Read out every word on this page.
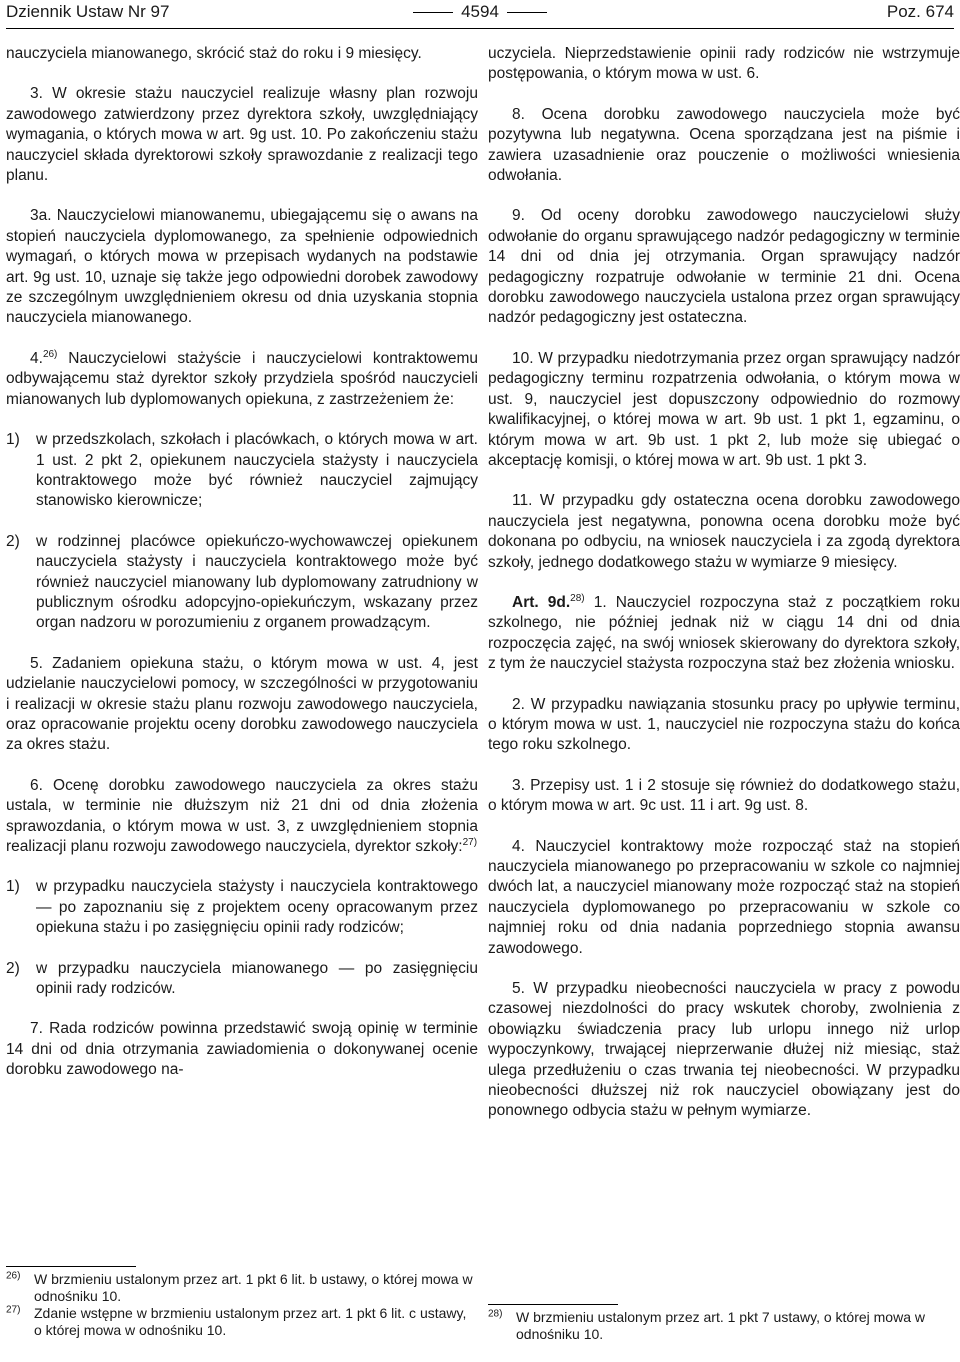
Dziennik Ustaw Nr 97	4594	Poz. 674

nauczyciela mianowanego, skrócić staż do roku i 9 miesięcy.

3. W okresie stażu nauczyciel realizuje własny plan rozwoju zawodowego zatwierdzony przez dyrektora szkoły, uwzględniający wymagania, o których mowa w art. 9g ust. 10. Po zakończeniu stażu nauczyciel składa dyrektorowi szkoły sprawozdanie z realizacji tego planu.

3a. Nauczycielowi mianowanemu, ubiegającemu się o awans na stopień nauczyciela dyplomowanego, za spełnienie odpowiednich wymagań, o których mowa w przepisach wydanych na podstawie art. 9g ust. 10, uznaje się także jego odpowiedni dorobek zawodowy ze szczególnym uwzględnieniem okresu od dnia uzyskania stopnia nauczyciela mianowanego.

4.$^{26)}$ Nauczycielowi stażyście i nauczycielowi kontraktowemu odbywającemu staż dyrektor szkoły przydziela spośród nauczycieli mianowanych lub dyplomowanych opiekuna, z zastrzeżeniem że:

1)	w przedszkolach, szkołach i placówkach, o których mowa w art. 1 ust. 2 pkt 2, opiekunem nauczyciela stażysty i nauczyciela kontraktowego może być również nauczyciel zajmujący stanowisko kierownicze;
2)	w rodzinnej placówce opiekuńczo-wychowawczej opiekunem nauczyciela stażysty i nauczyciela kontraktowego może być również nauczyciel mianowany lub dyplomowany zatrudniony w publicznym ośrodku adopcyjno-opiekuńczym, wskazany przez organ nadzoru w porozumieniu z organem prowadzącym.

5. Zadaniem opiekuna stażu, o którym mowa w ust. 4, jest udzielanie nauczycielowi pomocy, w szczególności w przygotowaniu i realizacji w okresie stażu planu rozwoju zawodowego nauczyciela, oraz opracowanie projektu oceny dorobku zawodowego nauczyciela za okres stażu.

6. Ocenę dorobku zawodowego nauczyciela za okres stażu ustala, w terminie nie dłuższym niż 21 dni od dnia złożenia sprawozdania, o którym mowa w ust. 3, z uwzględnieniem stopnia realizacji planu rozwoju zawodowego nauczyciela, dyrektor szkoły:$^{27)}$

1)	w przypadku nauczyciela stażysty i nauczyciela kontraktowego — po zapoznaniu się z projektem oceny opracowanym przez opiekuna stażu i po zasięgnięciu opinii rady rodziców;
2)	w przypadku nauczyciela mianowanego — po zasięgnięciu opinii rady rodziców.

7. Rada rodziców powinna przedstawić swoją opinię w terminie 14 dni od dnia otrzymania zawiadomienia o dokonywanej ocenie dorobku zawodowego na-

$^{26)}$ W brzmieniu ustalonym przez art. 1 pkt 6 lit. b ustawy, o której mowa w odnośniku 10.
$^{27)}$ Zdanie wstępne w brzmieniu ustalonym przez art. 1 pkt 6 lit. c ustawy, o której mowa w odnośniku 10.

uczyciela. Nieprzedstawienie opinii rady rodziców nie wstrzymuje postępowania, o którym mowa w ust. 6.

8. Ocena dorobku zawodowego nauczyciela może być pozytywna lub negatywna. Ocena sporządzana jest na piśmie i zawiera uzasadnienie oraz pouczenie o możliwości wniesienia odwołania.

9. Od oceny dorobku zawodowego nauczycielowi służy odwołanie do organu sprawującego nadzór pedagogiczny w terminie 14 dni od dnia jej otrzymania. Organ sprawujący nadzór pedagogiczny rozpatruje odwołanie w terminie 21 dni. Ocena dorobku zawodowego nauczyciela ustalona przez organ sprawujący nadzór pedagogiczny jest ostateczna.

10. W przypadku niedotrzymania przez organ sprawujący nadzór pedagogiczny terminu rozpatrzenia odwołania, o którym mowa w ust. 9, nauczyciel jest dopuszczony odpowiednio do rozmowy kwalifikacyjnej, o której mowa w art. 9b ust. 1 pkt 1, egzaminu, o którym mowa w art. 9b ust. 1 pkt 2, lub może się ubiegać o akceptację komisji, o której mowa w art. 9b ust. 1 pkt 3.

11. W przypadku gdy ostateczna ocena dorobku zawodowego nauczyciela jest negatywna, ponowna ocena dorobku może być dokonana po odbyciu, na wniosek nauczyciela i za zgodą dyrektora szkoły, jednego dodatkowego stażu w wymiarze 9 miesięcy.

Art. 9d.$^{28)}$ 1. Nauczyciel rozpoczyna staż z początkiem roku szkolnego, nie później jednak niż w ciągu 14 dni od dnia rozpoczęcia zajęć, na swój wniosek skierowany do dyrektora szkoły, z tym że nauczyciel stażysta rozpoczyna staż bez złożenia wniosku.

2. W przypadku nawiązania stosunku pracy po upływie terminu, o którym mowa w ust. 1, nauczyciel nie rozpoczyna stażu do końca tego roku szkolnego.

3. Przepisy ust. 1 i 2 stosuje się również do dodatkowego stażu, o którym mowa w art. 9c ust. 11 i art. 9g ust. 8.

4. Nauczyciel kontraktowy może rozpocząć staż na stopień nauczyciela mianowanego po przepracowaniu w szkole co najmniej dwóch lat, a nauczyciel mianowany może rozpocząć staż na stopień nauczyciela dyplomowanego po przepracowaniu w szkole co najmniej roku od dnia nadania poprzedniego stopnia awansu zawodowego.

5. W przypadku nieobecności nauczyciela w pracy z powodu czasowej niezdolności do pracy wskutek choroby, zwolnienia z obowiązku świadczenia pracy lub urlopu innego niż urlop wypoczynkowy, trwającej nieprzerwanie dłużej niż miesiąc, staż ulega przedłużeniu o czas trwania tej nieobecności. W przypadku nieobecności dłuższej niż rok nauczyciel obowiązany jest do ponownego odbycia stażu w pełnym wymiarze.

$^{28)}$ W brzmieniu ustalonym przez art. 1 pkt 7 ustawy, o której mowa w odnośniku 10.
